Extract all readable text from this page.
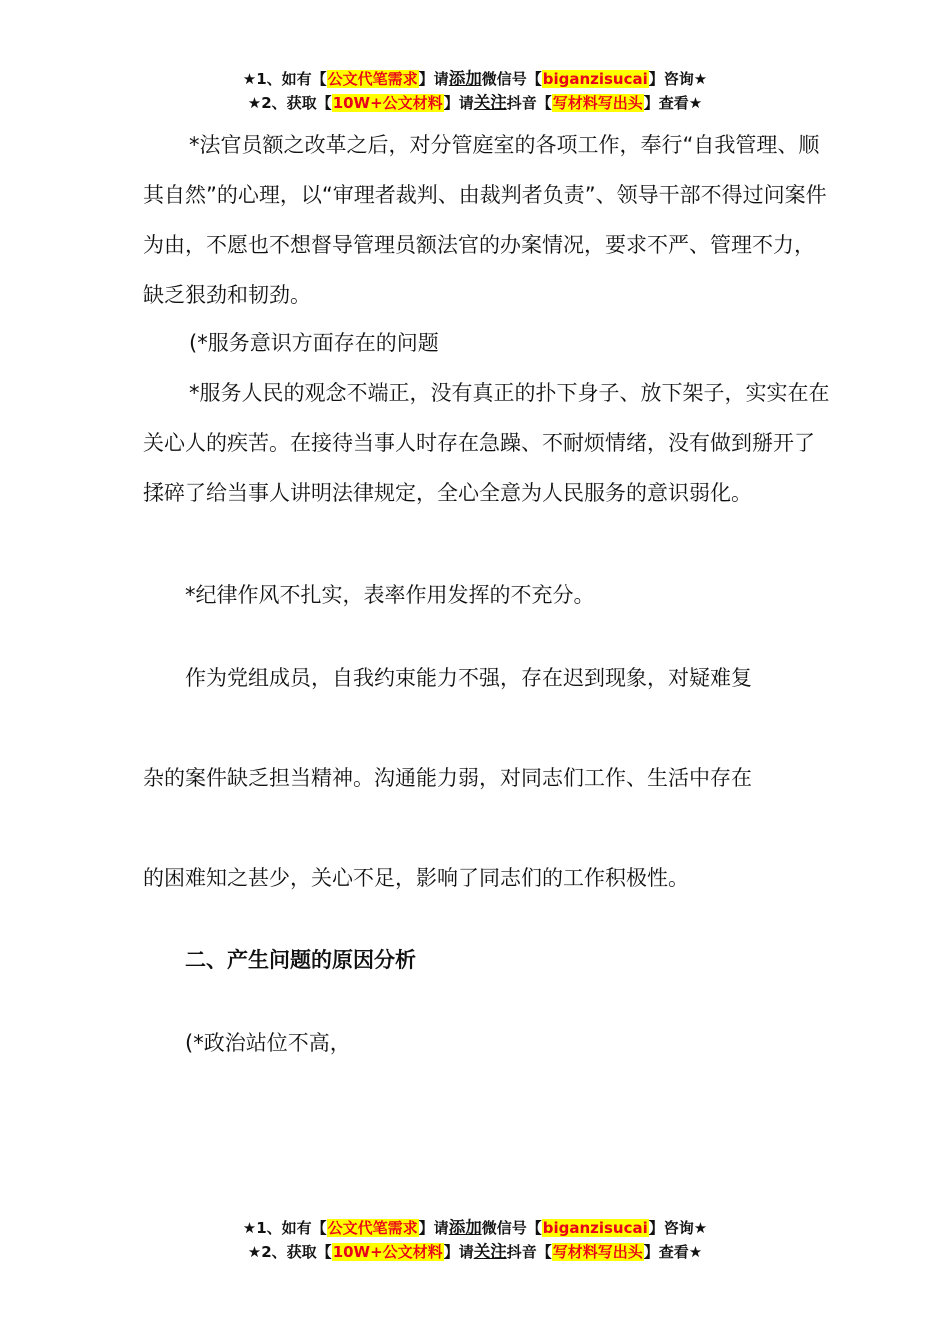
★1、如有【公文代笔需求】请添加微信号【biganzisucai】咨询★
★2、获取【10W+公文材料】请关注抖音【写材料写出头】查看★

*法官员额之改革之后，对分管庭室的各项工作，奉行“自我管理、顺其自然”的心理，以“审理者裁判、由裁判者负责”、领导干部不得过问案件为由，不愿也不想督导管理员额法官的办案情况，要求不严、管理不力，缺乏狠劲和韧劲。

(*服务意识方面存在的问题

*服务人民的观念不端正，没有真正的扑下身子、放下架子，实实在在关心人的疾苦。在接待当事人时存在急躁、不耐烦情绪，没有做到掰开了揉碎了给当事人讲明法律规定，全心全意为人民服务的意识弱化。

*纪律作风不扎实，表率作用发挥的不充分。

作为党组成员，自我约束能力不强，存在迟到现象，对疑难复

杂的案件缺乏担当精神。沟通能力弱，对同志们工作、生活中存在

的困难知之甚少，关心不足，影响了同志们的工作积极性。

二、产生问题的原因分析

(*政治站位不高，

★1、如有【公文代笔需求】请添加微信号【biganzisucai】咨询★
★2、获取【10W+公文材料】请关注抖音【写材料写出头】查看★
